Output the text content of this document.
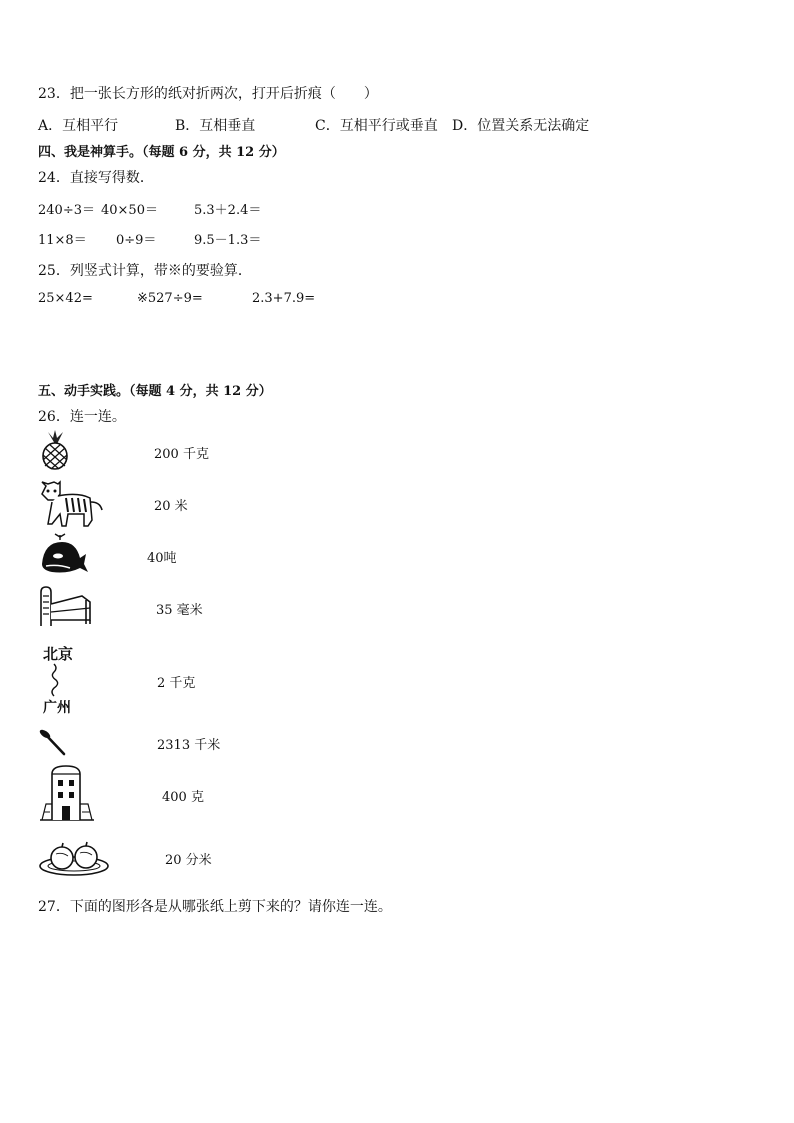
23．把一张长方形的纸对折两次，打开后折痕（　　）
A．互相平行	B．互相垂直	C．互相平行或垂直 D．位置关系无法确定
四、我是神算手。（每题 6 分，共 12 分）
24．直接写得数．
240÷3＝ 40×50＝	5.3＋2.4＝
11×8＝ 0÷9＝	9.5－1.3＝
25．列竖式计算，带※的要验算．
25×42=	※527÷9=	2.3+7.9=
五、动手实践。（每题 4 分，共 12 分）
26．连一连。
北京
广州
200 千克
20 米
40吨
35 毫米
2 千克
2313 千米
400 克
20 分米
27．下面的图形各是从哪张纸上剪下来的？请你连一连。
